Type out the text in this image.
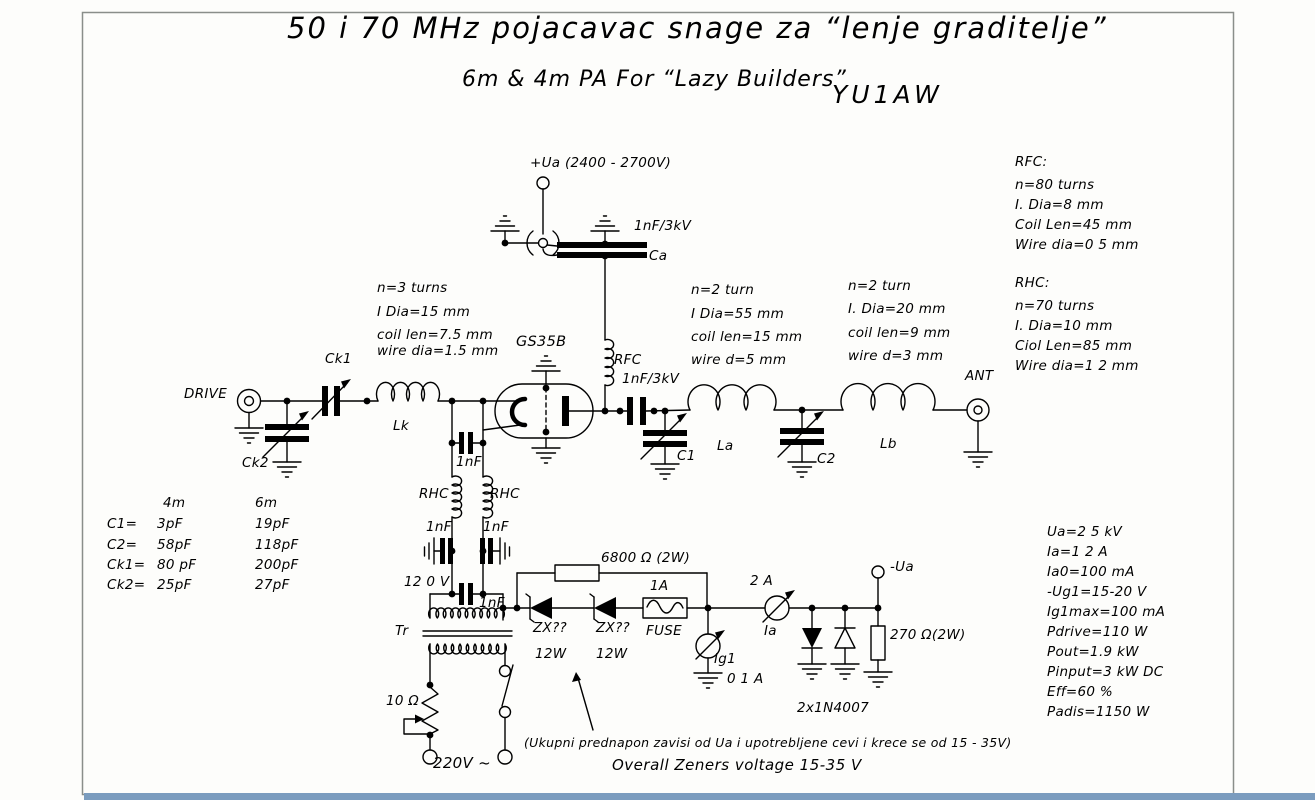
50 i 70 MHz pojacavac snage za “lenje graditelje”
6m & 4m PA For “Lazy Builders”
YU1AW
RFC:
n=80 turns
I. Dia=8 mm
Coil Len=45 mm
Wire dia=0 5 mm
RHC:
n=70 turns
I. Dia=10 mm
Ciol Len=85 mm
Wire dia=1 2 mm
n=3 turns
I Dia=15 mm
coil len=7.5 mm
wire dia=1.5 mm
n=2 turn
I Dia=55 mm
coil len=15 mm
wire d=5 mm
n=2 turn
I. Dia=20 mm
coil len=9 mm
wire d=3 mm
Ua=2 5 kV
Ia=1 2 A
Ia0=100 mA
-Ug1=15-20 V
Ig1max=100 mA
Pdrive=110 W
Pout=1.9 kW
Pinput=3 kW DC
Eff=60 %
Padis=1150 W
4m	6m
C1= 3pF	19pF
C2= 58pF	118pF
Ck1= 80 pF	200pF
Ck2= 25pF	27pF
+Ua (2400 - 2700V)
1nF/3kV
Ca
DRIVE
Ck1
Ck2
Lk
GS35B
RFC
1nF/3kV
C1
La
C2
Lb
ANT
1nF
RHC	RHC
1nF 1nF
12 0 V
1nF
Tr
10 Ω
220V ~
ZX??
12W
ZX??
12W
6800 Ω (2W)
1A
FUSE
Ig1
0 1 A
2 A
Ia
-Ua
270 Ω(2W)
2x1N4007
(Ukupni prednapon zavisi od Ua i upotrebljene cevi i krece se od 15 - 35V)
Overall Zeners voltage 15-35 V
